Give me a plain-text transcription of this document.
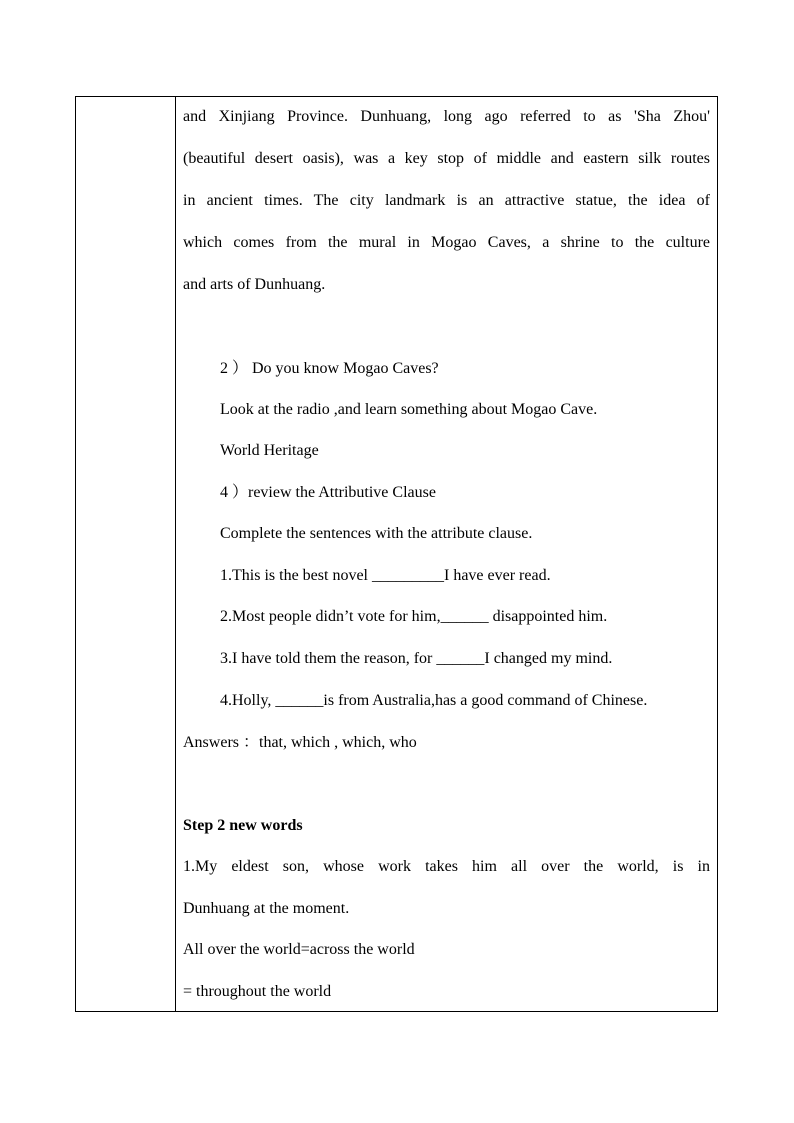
and Xinjiang Province. Dunhuang, long ago referred to as 'Sha Zhou'
(beautiful desert oasis), was a key stop of middle and eastern silk routes
in ancient times. The city landmark is an attractive statue, the idea of
which comes from the mural in Mogao Caves, a shrine to the culture
and arts of Dunhuang.
2 ） Do you know Mogao Caves?
Look at the radio ,and learn something about Mogao Cave.
World Heritage
4 ）review the Attributive Clause
Complete the sentences with the attribute clause.
1.This is the best novel _________I have ever read.
2.Most people didn’t vote for him,______ disappointed him.
3.I have told them the reason, for ______I changed my mind.
4.Holly, ______is from Australia,has a good command of Chinese.
Answers ：that, which , which, who
Step 2 new words
1.My eldest son, whose work takes him all over the world, is in
Dunhuang at the moment.
All over the world=across the world
= throughout the world
